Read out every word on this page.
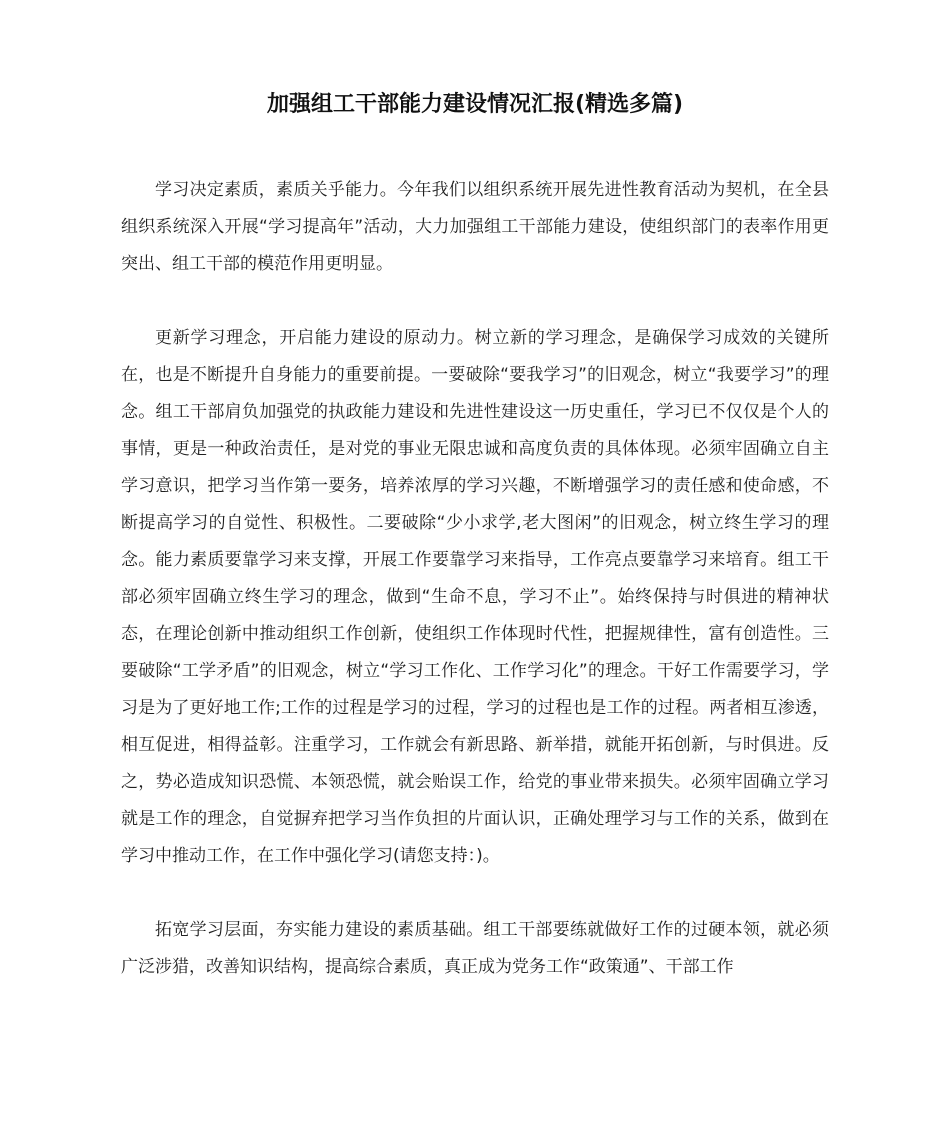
加强组工干部能力建设情况汇报(精选多篇)

学习决定素质，素质关乎能力。今年我们以组织系统开展先进性教育活动为契机，在全县组织系统深入开展“学习提高年”活动，大力加强组工干部能力建设，使组织部门的表率作用更突出、组工干部的模范作用更明显。

更新学习理念，开启能力建设的原动力。树立新的学习理念，是确保学习成效的关键所在，也是不断提升自身能力的重要前提。一要破除“要我学习”的旧观念，树立“我要学习”的理念。组工干部肩负加强党的执政能力建设和先进性建设这一历史重任，学习已不仅仅是个人的事情，更是一种政治责任，是对党的事业无限忠诚和高度负责的具体体现。必须牢固确立自主学习意识，把学习当作第一要务，培养浓厚的学习兴趣，不断增强学习的责任感和使命感，不断提高学习的自觉性、积极性。二要破除“少小求学,老大图闲”的旧观念，树立终生学习的理念。能力素质要靠学习来支撑，开展工作要靠学习来指导，工作亮点要靠学习来培育。组工干部必须牢固确立终生学习的理念，做到“生命不息，学习不止”。始终保持与时俱进的精神状态，在理论创新中推动组织工作创新，使组织工作体现时代性，把握规律性，富有创造性。三要破除“工学矛盾”的旧观念，树立“学习工作化、工作学习化”的理念。干好工作需要学习，学习是为了更好地工作;工作的过程是学习的过程，学习的过程也是工作的过程。两者相互渗透，相互促进，相得益彰。注重学习，工作就会有新思路、新举措，就能开拓创新，与时俱进。反之，势必造成知识恐慌、本领恐慌，就会贻误工作，给党的事业带来损失。必须牢固确立学习就是工作的理念，自觉摒弃把学习当作负担的片面认识，正确处理学习与工作的关系，做到在学习中推动工作，在工作中强化学习(请您支持：)。

拓宽学习层面，夯实能力建设的素质基础。组工干部要练就做好工作的过硬本领，就必须广泛涉猎，改善知识结构，提高综合素质，真正成为党务工作“政策通”、干部工作
